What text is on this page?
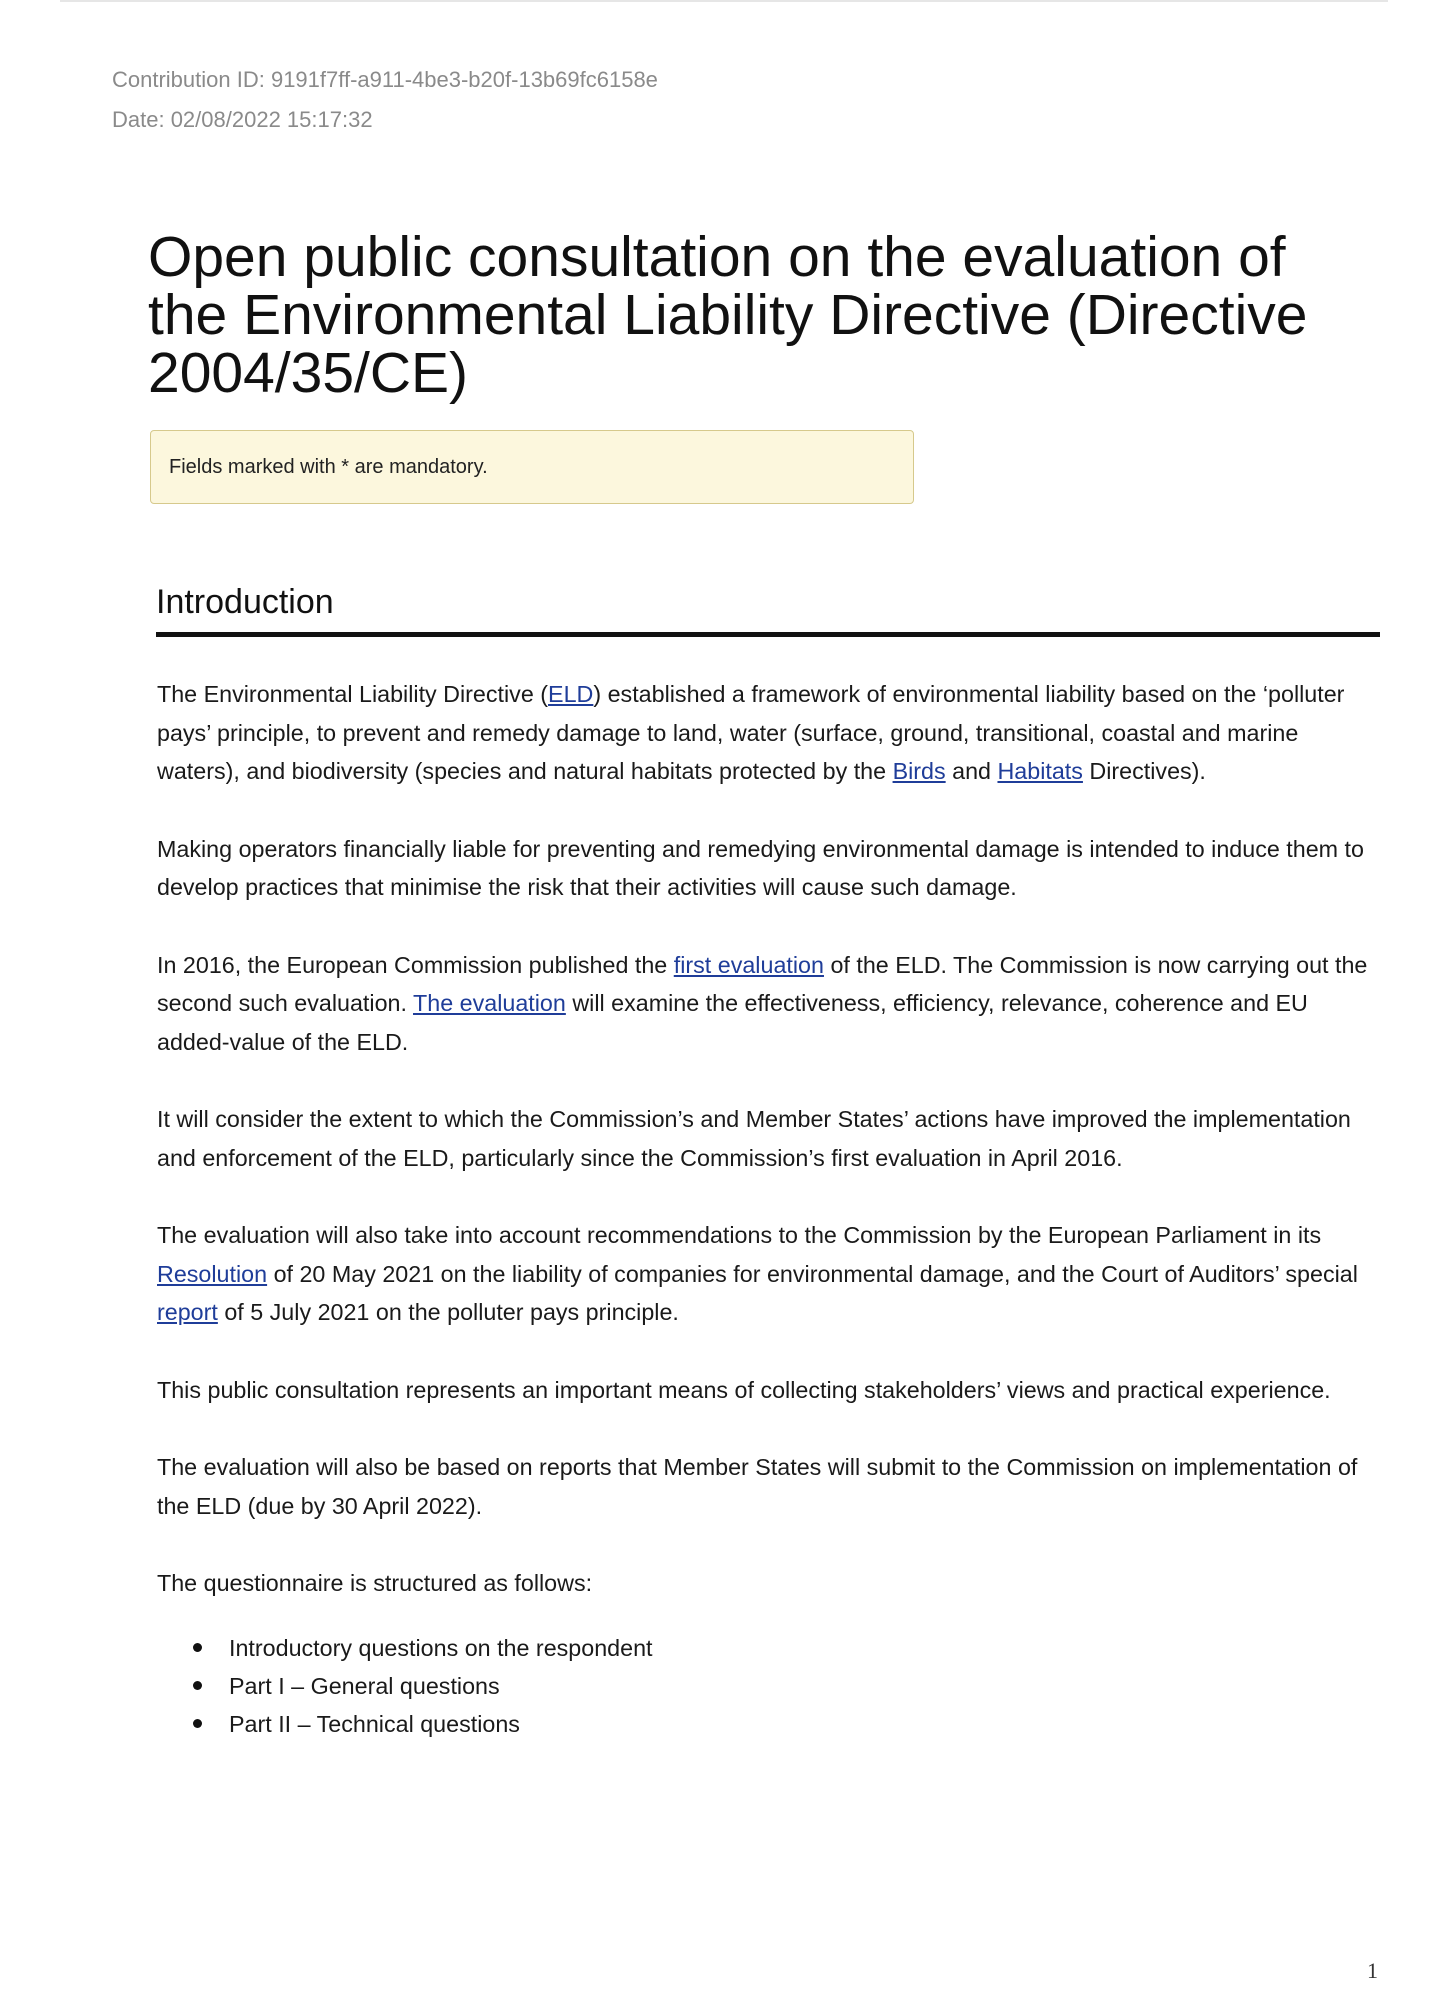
Contribution ID: 9191f7ff-a911-4be3-b20f-13b69fc6158e
Date: 02/08/2022 15:17:32
Open public consultation on the evaluation of the Environmental Liability Directive (Directive 2004/35/CE)
Fields marked with * are mandatory.
Introduction

The Environmental Liability Directive (ELD) established a framework of environmental liability based on the ‘polluter pays’ principle, to prevent and remedy damage to land, water (surface, ground, transitional, coastal and marine waters), and biodiversity (species and natural habitats protected by the Birds and Habitats Directives).

Making operators financially liable for preventing and remedying environmental damage is intended to induce them to develop practices that minimise the risk that their activities will cause such damage.

In 2016, the European Commission published the first evaluation of the ELD. The Commission is now carrying out the second such evaluation. The evaluation will examine the effectiveness, efficiency, relevance, coherence and EU added-value of the ELD.

It will consider the extent to which the Commission’s and Member States’ actions have improved the implementation and enforcement of the ELD, particularly since the Commission’s first evaluation in April 2016.

The evaluation will also take into account recommendations to the Commission by the European Parliament in its Resolution of 20 May 2021 on the liability of companies for environmental damage, and the Court of Auditors’ special report of 5 July 2021 on the polluter pays principle.

This public consultation represents an important means of collecting stakeholders’ views and practical experience.

The evaluation will also be based on reports that Member States will submit to the Commission on implementation of the ELD (due by 30 April 2022).

The questionnaire is structured as follows:

Introductory questions on the respondent
Part I – General questions
Part II – Technical questions
1
